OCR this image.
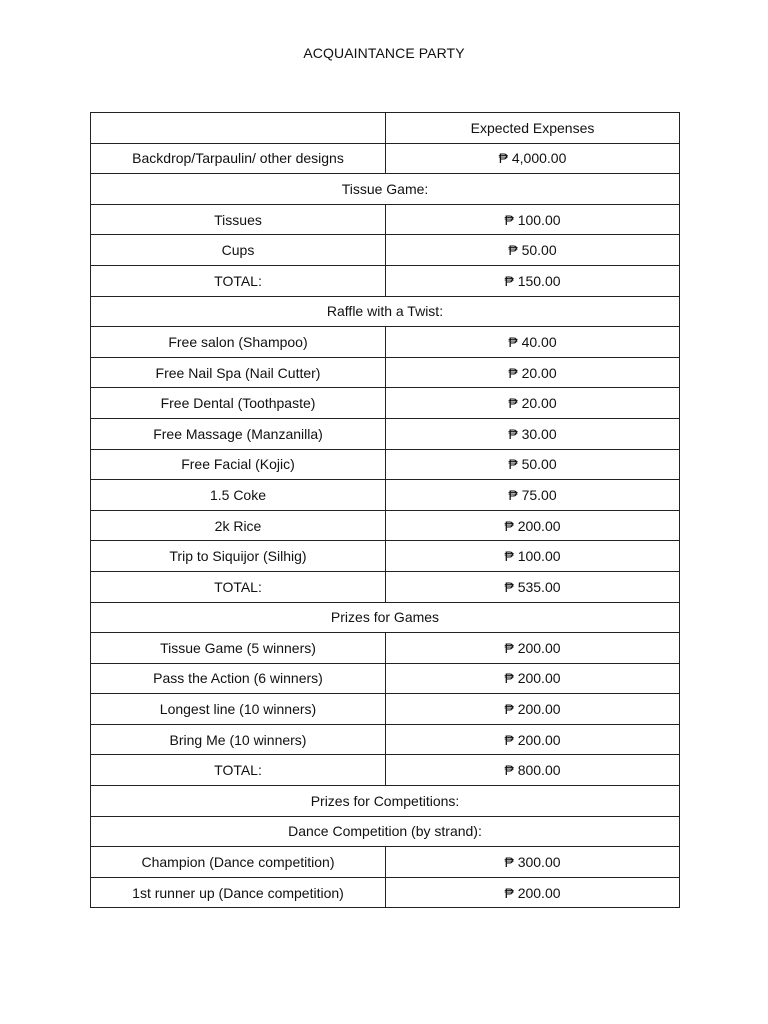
ACQUAINTANCE PARTY
	Expected Expenses
Backdrop/Tarpaulin/ other designs	₱ 4,000.00
Tissue Game:	
Tissues	₱ 100.00
Cups	₱ 50.00
TOTAL:	₱ 150.00
Raffle with a Twist:	
Free salon (Shampoo)	₱ 40.00
Free Nail Spa (Nail Cutter)	₱ 20.00
Free Dental (Toothpaste)	₱ 20.00
Free Massage (Manzanilla)	₱ 30.00
Free Facial (Kojic)	₱ 50.00
1.5 Coke	₱ 75.00
2k Rice	₱ 200.00
Trip to Siquijor (Silhig)	₱ 100.00
TOTAL:	₱ 535.00
Prizes for Games	
Tissue Game (5 winners)	₱ 200.00
Pass the Action (6 winners)	₱ 200.00
Longest line (10 winners)	₱ 200.00
Bring Me (10 winners)	₱ 200.00
TOTAL:	₱ 800.00
Prizes for Competitions:	
Dance Competition (by strand):	
Champion (Dance competition)	₱ 300.00
1st runner up (Dance competition)	₱ 200.00
